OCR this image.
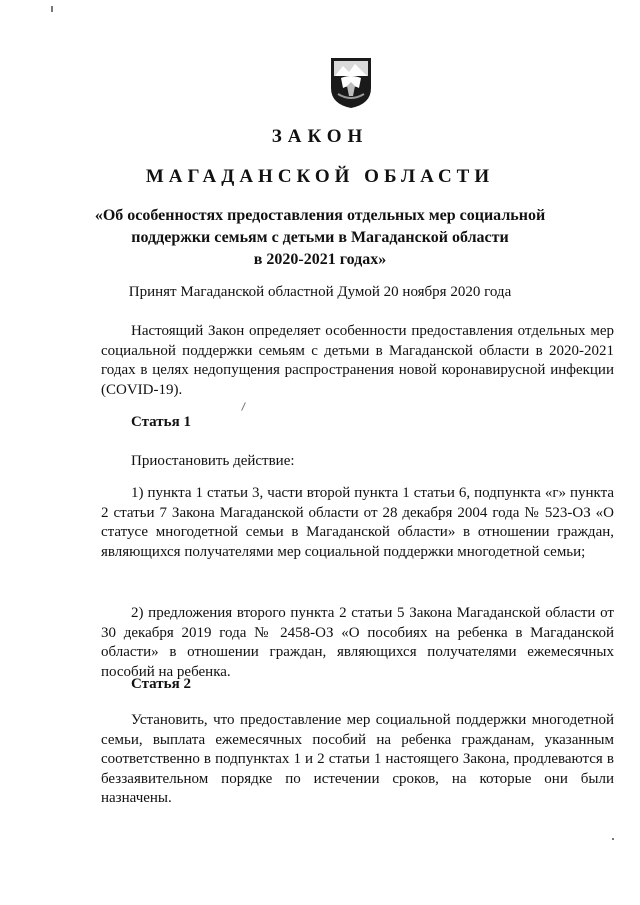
ЗАКОН
МАГАДАНСКОЙ ОБЛАСТИ
«Об особенностях предоставления отдельных мер социальной
поддержки семьям с детьми в Магаданской области
в 2020-2021 годах»
Принят Магаданской областной Думой 20 ноября 2020 года
Настоящий Закон определяет особенности предоставления отдельных мер социальной поддержки семьям с детьми в Магаданской области в 2020-2021 годах в целях недопущения распространения новой коронавирусной инфекции (COVID-19).
Статья 1
Приостановить действие:
1) пункта 1 статьи 3, части второй пункта 1 статьи 6, подпункта «г» пункта 2 статьи 7 Закона Магаданской области от 28 декабря 2004 года № 523-ОЗ «О статусе многодетной семьи в Магаданской области» в отношении граждан, являющихся получателями мер социальной поддержки многодетной семьи;
2) предложения второго пункта 2 статьи 5 Закона Магаданской области от 30 декабря 2019 года № 2458-ОЗ «О пособиях на ребенка в Магаданской области» в отношении граждан, являющихся получателями ежемесячных пособий на ребенка.
Статья 2
Установить, что предоставление мер социальной поддержки многодетной семьи, выплата ежемесячных пособий на ребенка гражданам, указанным соответственно в подпунктах 1 и 2 статьи 1 настоящего Закона, продлеваются в беззаявительном порядке по истечении сроков, на которые они были назначены.
